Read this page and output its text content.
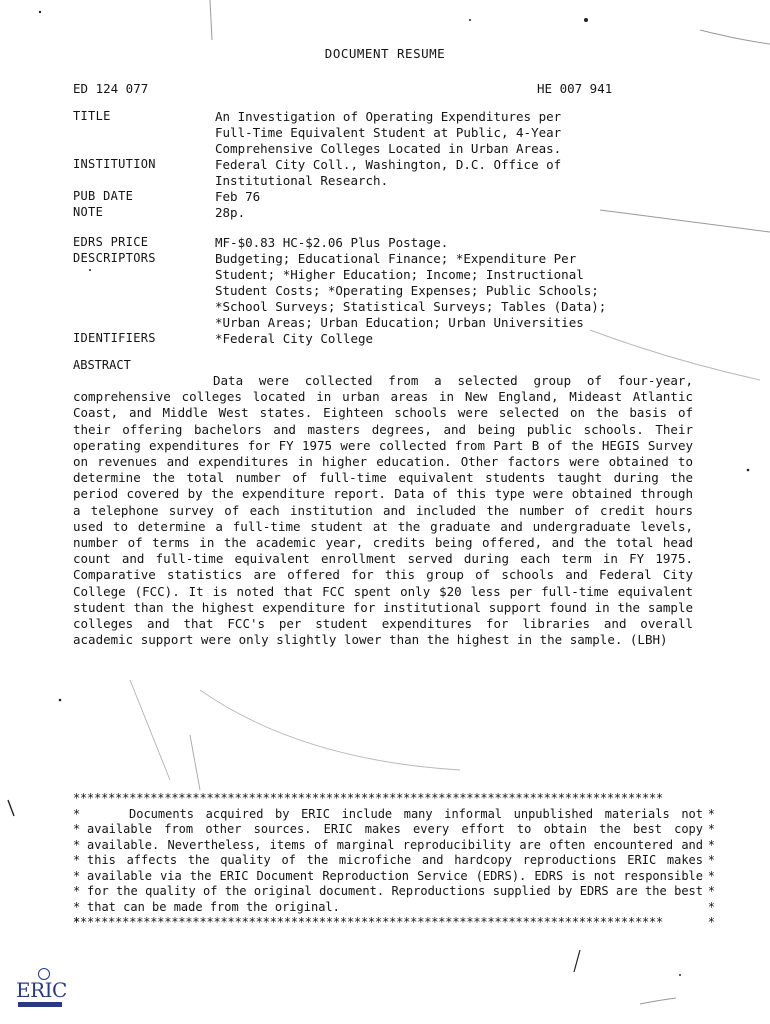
DOCUMENT RESUME
ED 124 077	HE 007 941
TITLE	An Investigation of Operating Expenditures per
Full-Time Equivalent Student at Public, 4-Year
Comprehensive Colleges Located in Urban Areas.
INSTITUTION	Federal City Coll., Washington, D.C. Office of
Institutional Research.
PUB DATE	Feb 76
NOTE	28p.
EDRS PRICE	MF-$0.83 HC-$2.06 Plus Postage.
DESCRIPTORS	Budgeting; Educational Finance; *Expenditure Per
Student; *Higher Education; Income; Instructional
Student Costs; *Operating Expenses; Public Schools;
*School Surveys; Statistical Surveys; Tables (Data);
*Urban Areas; Urban Education; Urban Universities
IDENTIFIERS	*Federal City College
ABSTRACT
Data were collected from a selected group of four-year, comprehensive colleges located in urban areas in New England, Mideast Atlantic Coast, and Middle West states. Eighteen schools were selected on the basis of their offering bachelors and masters degrees, and being public schools. Their operating expenditures for FY 1975 were collected from Part B of the HEGIS Survey on revenues and expenditures in higher education. Other factors were obtained to determine the total number of full-time equivalent students taught during the period covered by the expenditure report. Data of this type were obtained through a telephone survey of each institution and included the number of credit hours used to determine a full-time student at the graduate and undergraduate levels, number of terms in the academic year, credits being offered, and the total head count and full-time equivalent enrollment served during each term in FY 1975. Comparative statistics are offered for this group of schools and Federal City College (FCC). It is noted that FCC spent only $20 less per full-time equivalent student than the highest expenditure for institutional support found in the sample colleges and that FCC's per student expenditures for libraries and overall academic support were only slightly lower than the highest in the sample. (LBH)
************************************************************************************
* * * Documents acquired by ERIC include many informal unpublished materials not available from other sources. ERIC makes every effort to obtain the best copy available. Nevertheless, items of marginal reproducibility are often encountered and this affects the quality of the microfiche and hardcopy reproductions ERIC makes available via the ERIC Document Reproduction Service (EDRS). EDRS is not responsible for the quality of the original document. Reproductions supplied by EDRS are the best that can be made from the original.
* * *
************************************************************************************
ERIC
